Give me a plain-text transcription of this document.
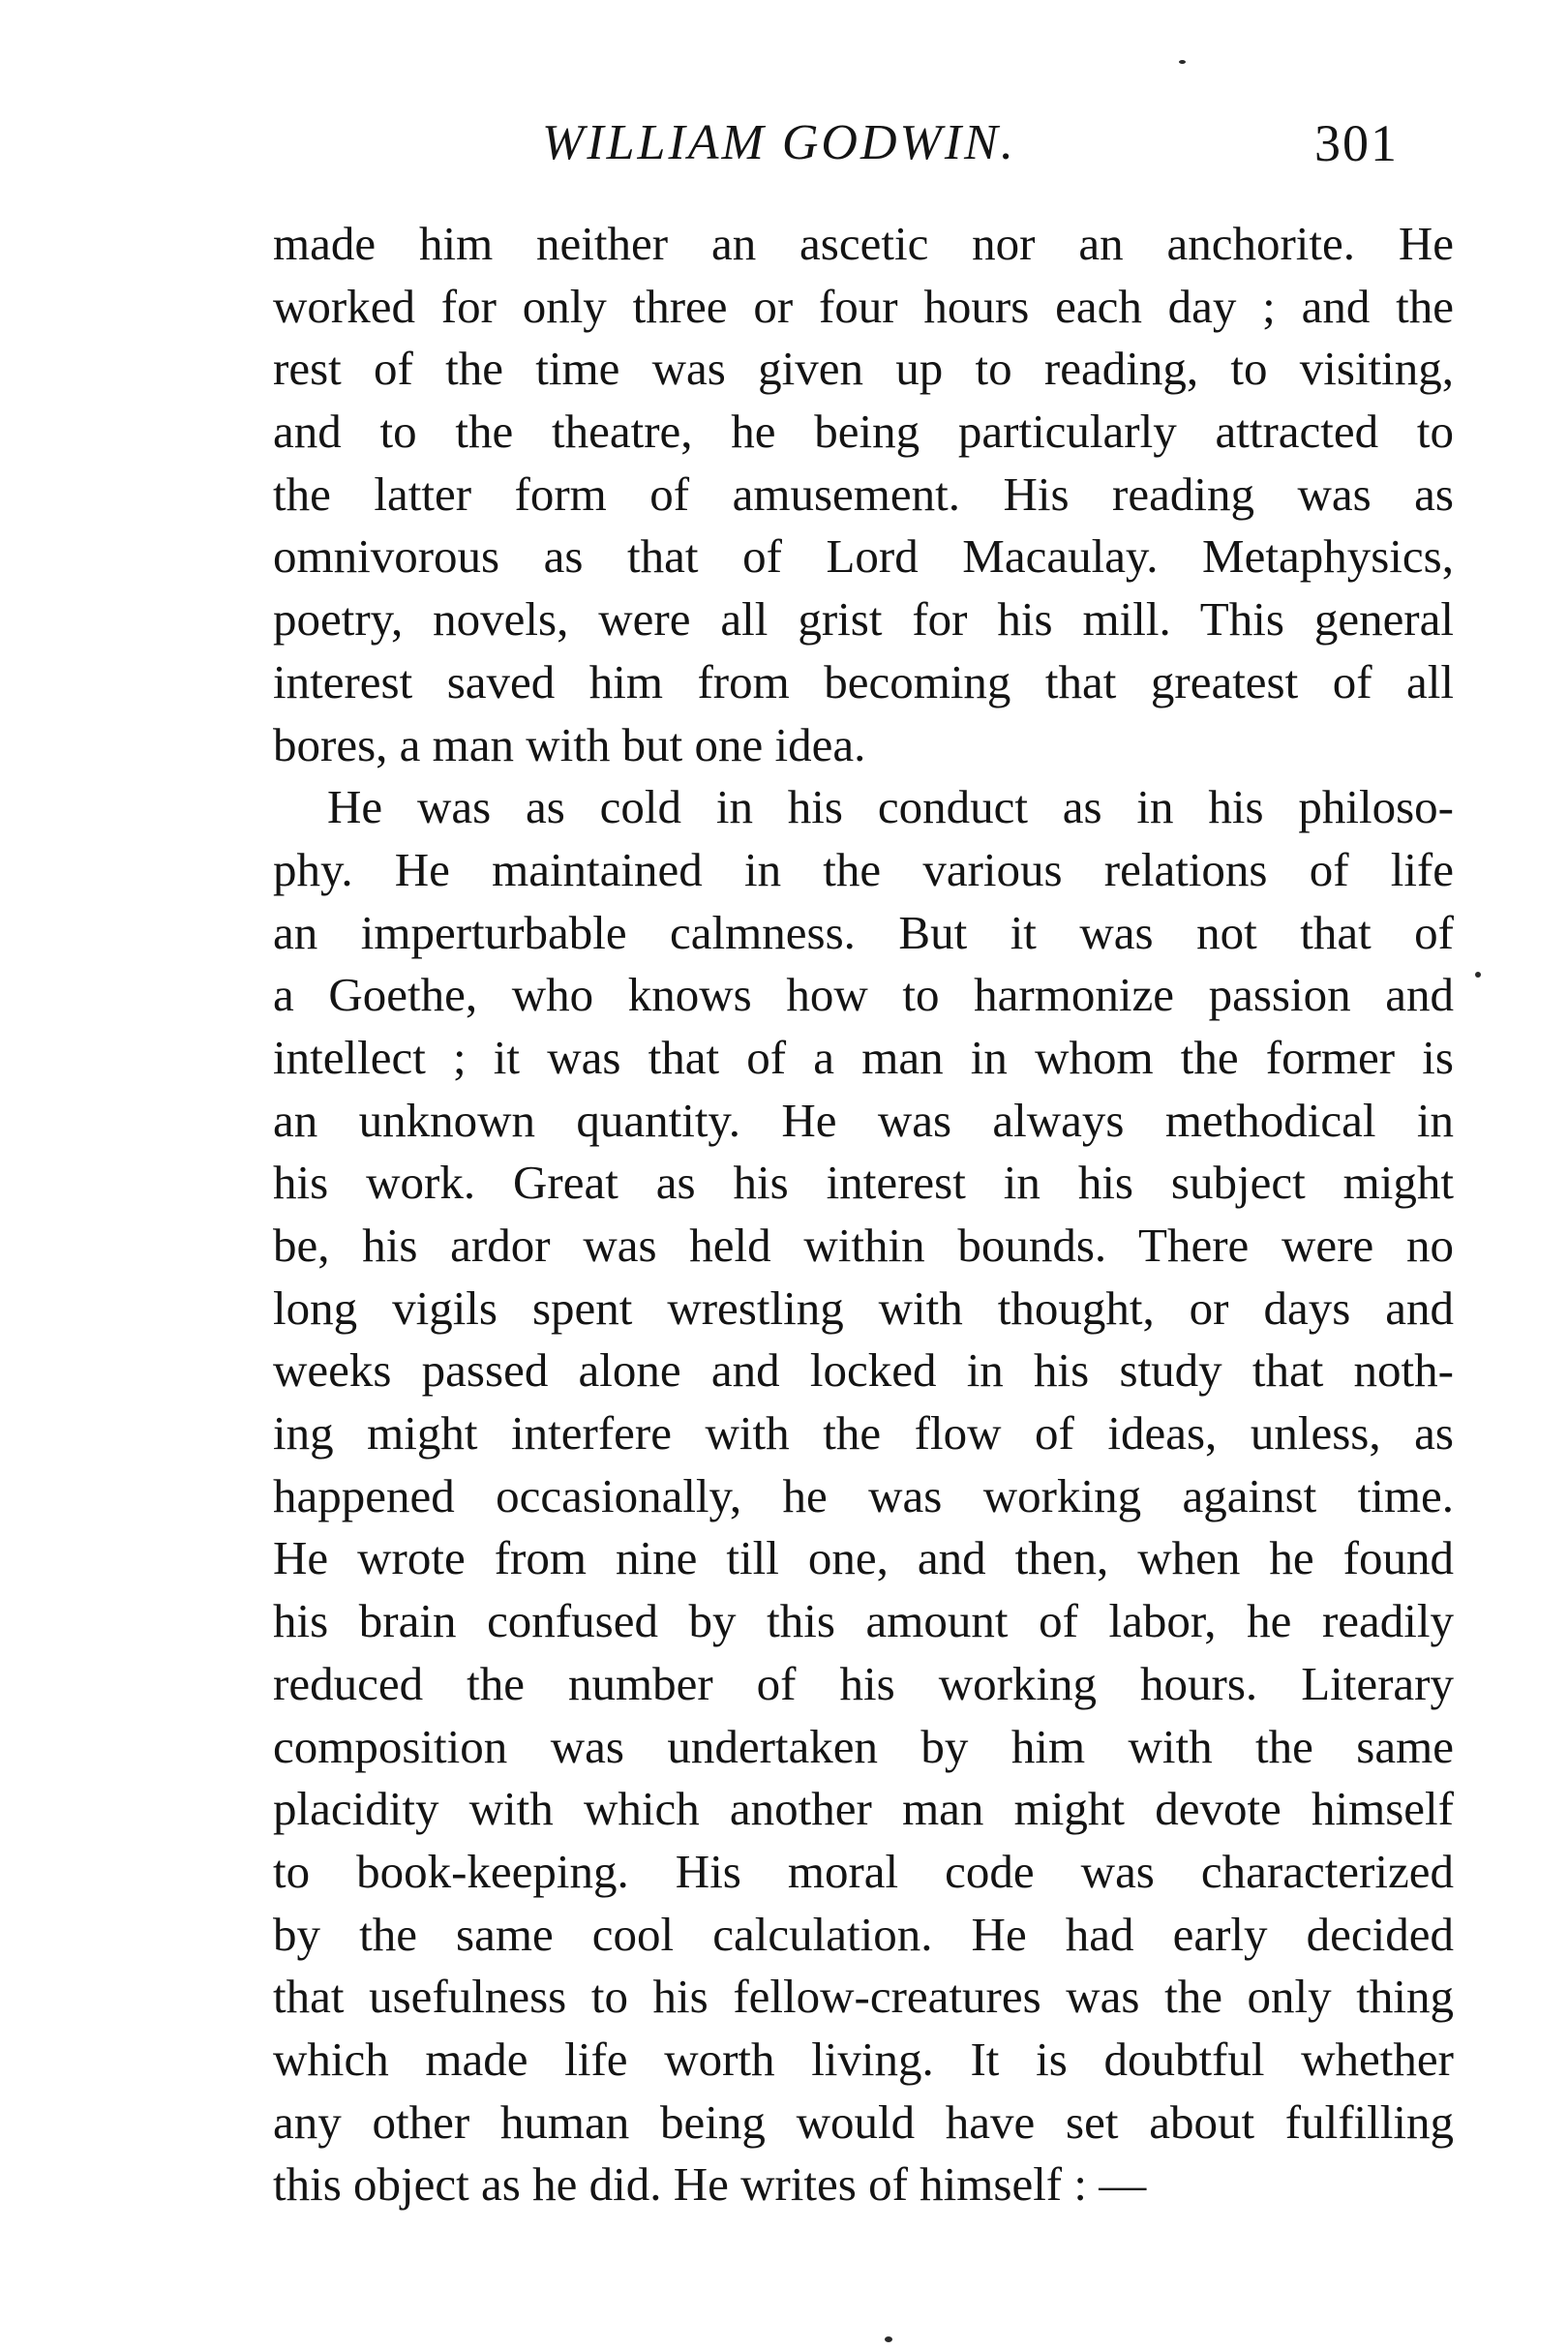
WILLIAM GODWIN.	301
made him neither an ascetic nor an anchorite. He
worked for only three or four hours each day ; and the
rest of the time was given up to reading, to visiting,
and to the theatre, he being particularly attracted to
the latter form of amusement. His reading was as
omnivorous as that of Lord Macaulay. Metaphysics,
poetry, novels, were all grist for his mill. This general
interest saved him from becoming that greatest of all
bores, a man with but one idea.
He was as cold in his conduct as in his philoso-
phy. He maintained in the various relations of life
an imperturbable calmness. But it was not that of
a Goethe, who knows how to harmonize passion and
intellect ; it was that of a man in whom the former is
an unknown quantity. He was always methodical in
his work. Great as his interest in his subject might
be, his ardor was held within bounds. There were no
long vigils spent wrestling with thought, or days and
weeks passed alone and locked in his study that noth-
ing might interfere with the flow of ideas, unless, as
happened occasionally, he was working against time.
He wrote from nine till one, and then, when he found
his brain confused by this amount of labor, he readily
reduced the number of his working hours. Literary
composition was undertaken by him with the same
placidity with which another man might devote himself
to book-keeping. His moral code was characterized
by the same cool calculation. He had early decided
that usefulness to his fellow-creatures was the only thing
which made life worth living. It is doubtful whether
any other human being would have set about fulfilling
this object as he did. He writes of himself : —
